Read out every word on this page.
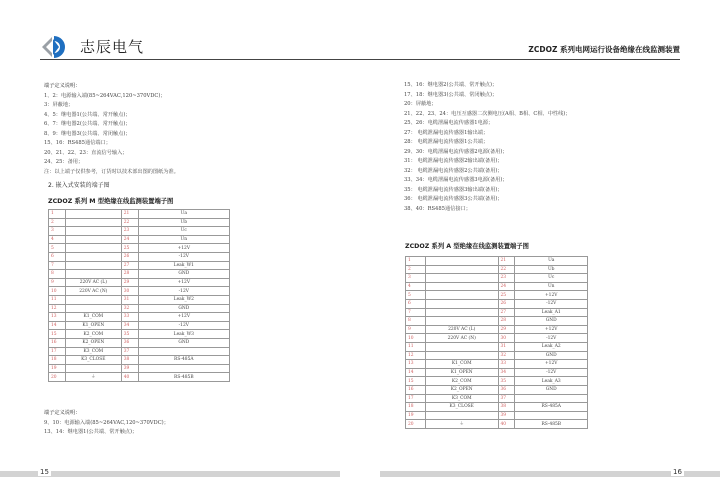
志辰电气	ZCDOZ 系列电网运行设备绝缘在线监测装置

端子定义说明：

1、2：电源输入端(85~264VAC,120~370VDC)；

3：屏蔽地；

4、5：继电器1(公共端、常开触点)；

6、7：继电器2(公共端、常开触点)；

8、9：继电器3(公共端、常闭触点)；

15、16：RS485通信端口；

20、21、22、23：直流信号输入；

24、25：备用；

注：以上端子仅供参考，订货时以技术部出图的图纸为准。

2. 嵌入式安装的端子图
ZCDOZ 系列 M 型绝缘在线监测装置端子图
1		21	Ua
2		22	Ub
3		23	Uc
4		24	Un
5		25	+12V
6		26	-12V
7		27	Leak_W1
8		28	GND
9	220V AC (L)	29	+12V
10	220V AC (N)	30	-12V
11		31	Leak_W2
12		32	GND
13	K1_COM	33	+12V
14	K1_OPEN	34	-12V
15	K2_COM	35	Leak_W3
16	K2_OPEN	36	GND
17	K3_COM	37	
18	K3_CLOSE	38	RS-485A
19		39	
20	⏚	40	RS-485B

端子定义说明：

9、10：电源输入端(85~264VAC,120~370VDC)；

13、14：继电器1(公共端、常开触点)；

15、16：继电器2(公共端、常开触点)；

17、18：继电器3(公共端、常闭触点)；

20：屏蔽地；

21、22、23、24：电压互感器二次侧电压(A相、B相、C相、中性线)；

25、26：电缆泄漏电流传感器1电源；

27： 电缆泄漏电流传感器1输出端；

28： 电缆泄漏电流传感器1公共端；

29、30：电缆泄漏电流传感器2电源(备用)；

31： 电缆泄漏电流传感器2输出端(备用)；

32： 电缆泄漏电流传感器2公共端(备用)；

33、34：电缆泄漏电流传感器3电源(备用)；

35： 电缆泄漏电流传感器3输出端(备用)；

36： 电缆泄漏电流传感器3公共端(备用)；

38、40：RS485通信接口；

ZCDOZ 系列 A 型绝缘在线监测装置端子图
1		21	Ua
2		22	Ub
3		23	Uc
4		24	Un
5		25	+12V
6		26	-12V
7		27	Leak_A1
8		28	GND
9	220V AC (L)	29	+12V
10	220V AC (N)	30	-12V
11		31	Leak_A2
12		32	GND
13	K1_COM	33	+12V
14	K1_OPEN	34	-12V
15	K2_COM	35	Leak_A3
16	K2_OPEN	36	GND
17	K3_COM	37	
18	K3_CLOSE	38	RS-485A
19		39	
20	⏚	40	RS-485B
15	16
